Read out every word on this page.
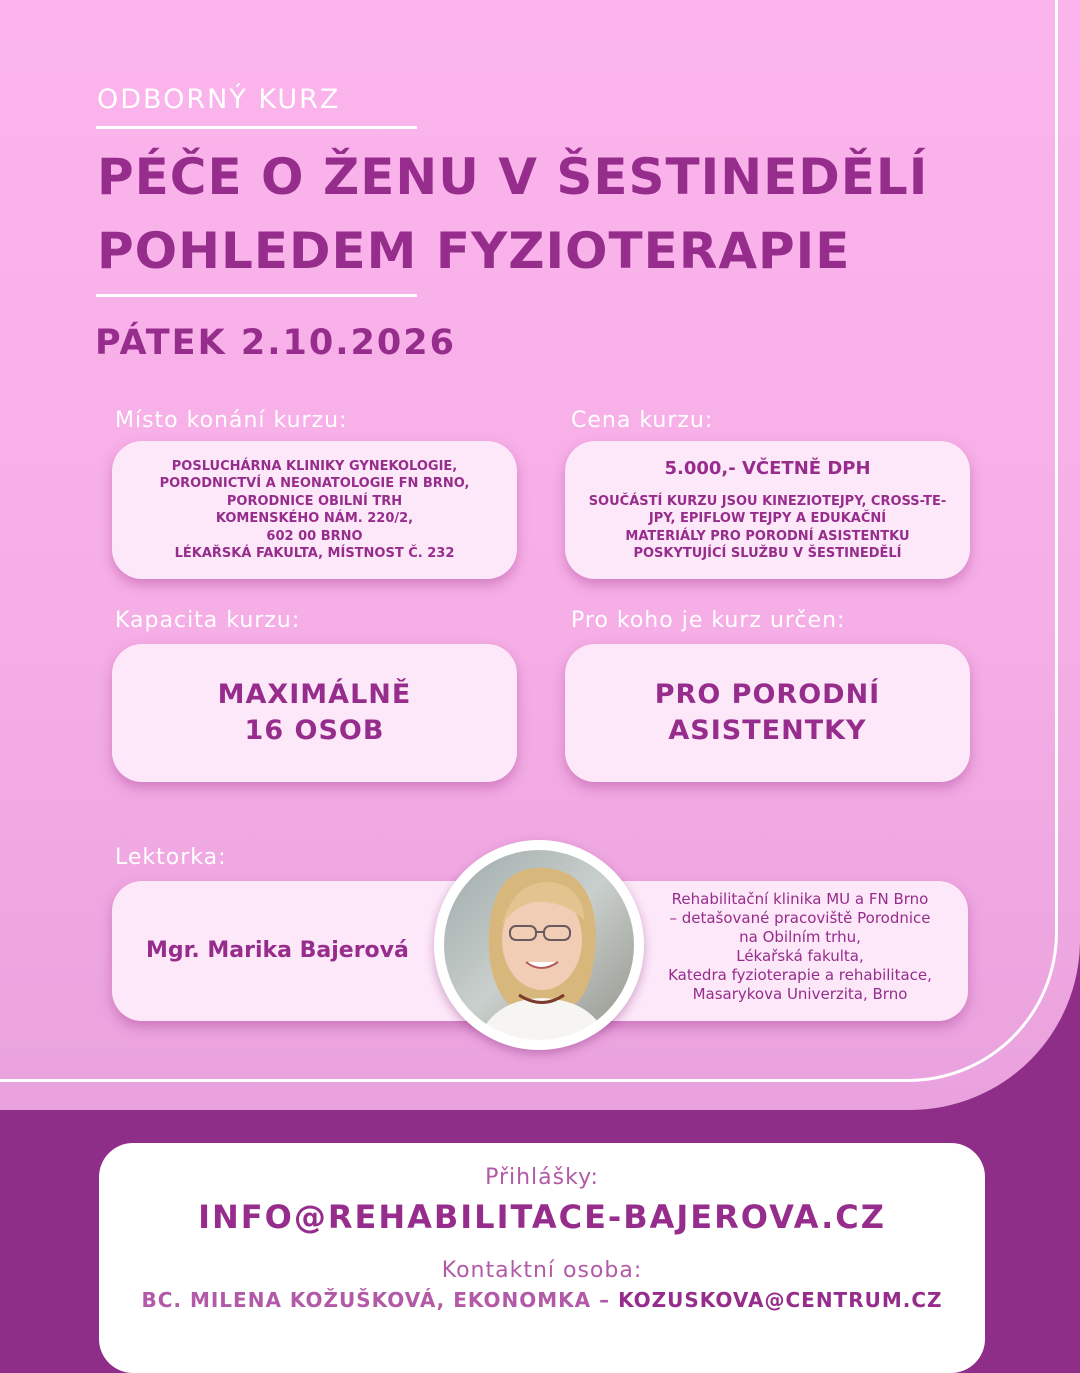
ODBORNÝ KURZ

PÉČE O ŽENU V ŠESTINEDĚLÍ
POHLEDEM FYZIOTERAPIE

PÁTEK 2.10.2026

Místo konání kurzu:

POSLUCHÁRNA KLINIKY GYNEKOLOGIE,
PORODNICTVÍ A NEONATOLOGIE FN BRNO,
PORODNICE OBILNÍ TRH
KOMENSKÉHO NÁM. 220/2,
602 00 BRNO
LÉKAŘSKÁ FAKULTA, MÍSTNOST Č. 232

Cena kurzu:

5.000,- VČETNĚ DPH
SOUČÁSTÍ KURZU JSOU KINEZIOTEJPY, CROSS-TE-
JPY, EPIFLOW TEJPY A EDUKAČNÍ
MATERIÁLY PRO PORODNÍ ASISTENTKU
POSKYTUJÍCÍ SLUŽBU V ŠESTINEDĚLÍ

Kapacita kurzu:

MAXIMÁLNĚ
16 OSOB

Pro koho je kurz určen:

PRO PORODNÍ
ASISTENTKY

Lektorka:

Mgr. Marika Bajerová

Rehabilitační klinika MU a FN Brno
– detašované pracoviště Porodnice
na Obilním trhu,
Lékařská fakulta,
Katedra fyzioterapie a rehabilitace,
Masarykova Univerzita, Brno

Přihlášky:

INFO@REHABILITACE-BAJEROVA.CZ

Kontaktní osoba:

BC. MILENA KOŽUŠKOVÁ, EKONOMKA – KOZUSKOVA@CENTRUM.CZ
